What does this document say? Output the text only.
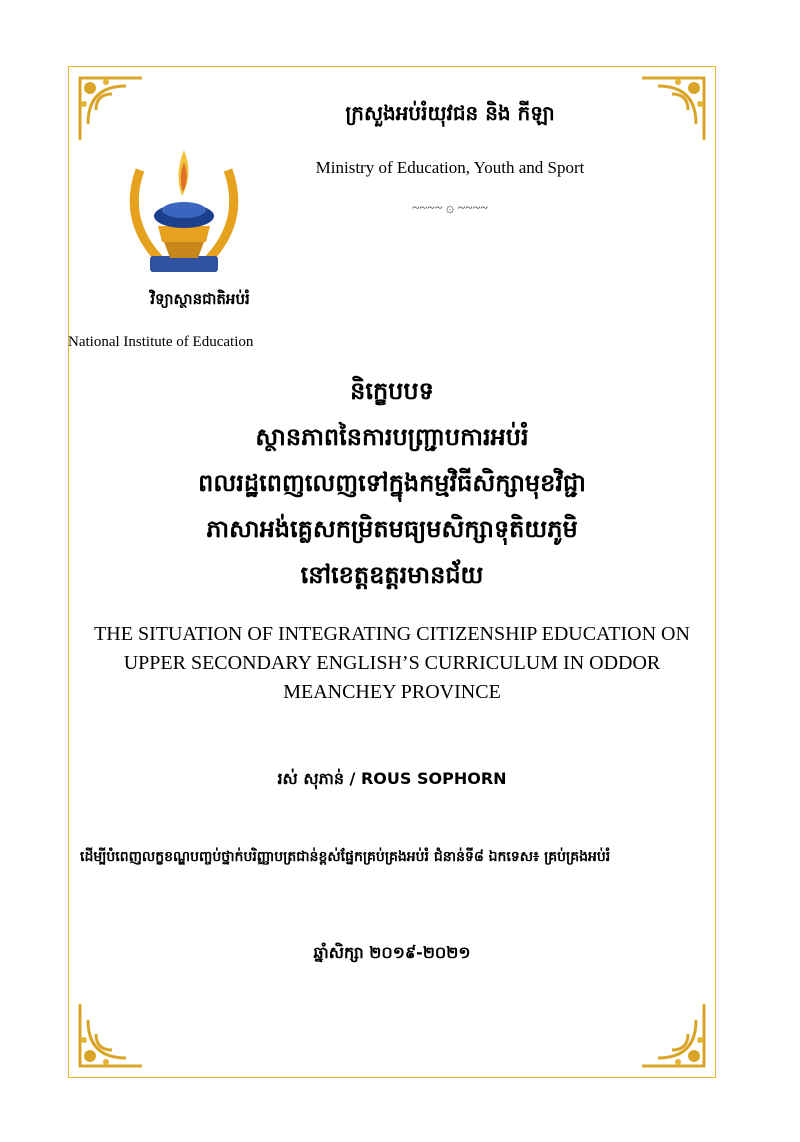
ក្រសួងអប់រំយុវជន និង កីឡា
Ministry of Education, Youth and Sport
~~~~ ۞ ~~~~
វិទ្យាស្ថានជាតិអប់រំ
National Institute of Education
និក្ខេបបទ
ស្ថានភាពនៃការបញ្ជ្រាបការអប់រំ
ពលរដ្ឋពេញលេញទៅក្នុងកម្មវិធីសិក្សាមុខវិជ្ជា
ភាសាអង់គ្លេសកម្រិតមធ្យមសិក្សាទុតិយភូមិ
នៅខេត្តឧត្តរមានជ័យ
THE SITUATION OF INTEGRATING CITIZENSHIP EDUCATION ON UPPER SECONDARY ENGLISH’S CURRICULUM IN ODDOR MEANCHEY PROVINCE
រស់ សុភាន់ / ROUS SOPHORN
ដើម្បីបំពេញលក្ខខណ្ឌបញ្ចប់ថ្នាក់បរិញ្ញាបត្រជាន់ខ្ពស់ផ្នែកគ្រប់គ្រងអប់រំ ជំនាន់ទី៨ ឯកទេស៖ គ្រប់គ្រងអប់រំ
ឆ្នាំសិក្សា ២០១៩-២០២១
